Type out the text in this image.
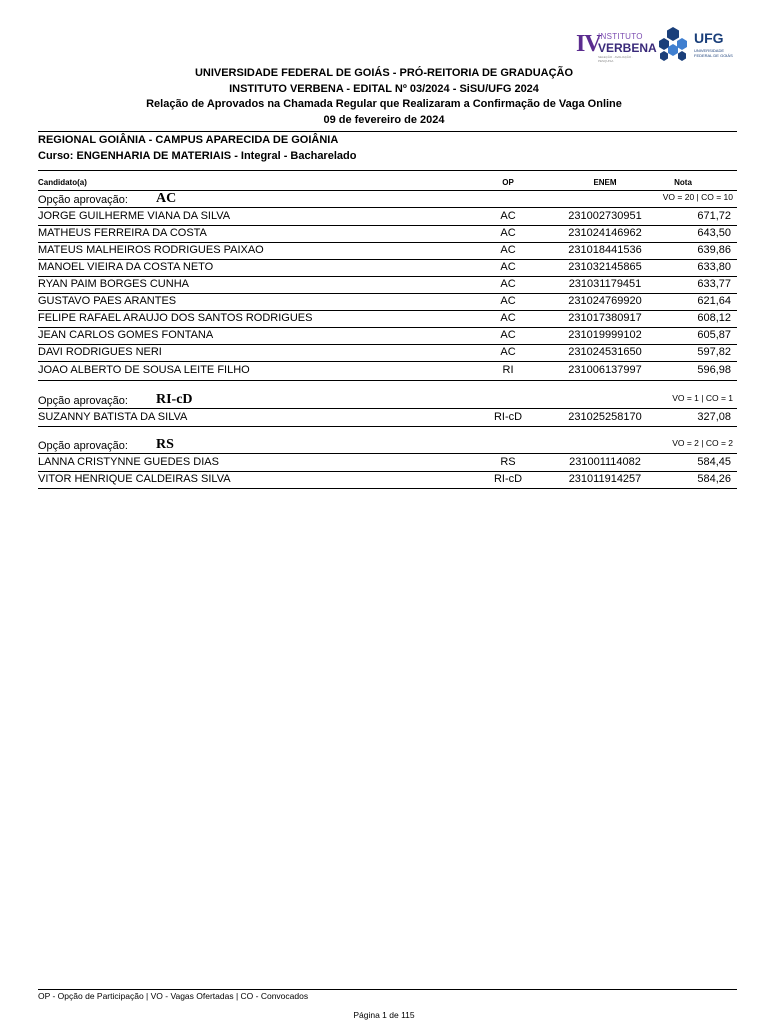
IV
INSTITUTO
VERBENA
SELEÇÃO · AVALIAÇÃO · PESQUISA
UFG
UNIVERSIDADE FEDERAL DE GOIÁS
UNIVERSIDADE FEDERAL DE GOIÁS - PRÓ-REITORIA DE GRADUAÇÃO
INSTITUTO VERBENA - EDITAL Nº 03/2024 - SiSU/UFG 2024
Relação de Aprovados na Chamada Regular que Realizaram a Confirmação de Vaga Online
09 de fevereiro de 2024
REGIONAL GOIÂNIA - CAMPUS APARECIDA DE GOIÂNIA
Curso: ENGENHARIA DE MATERIAIS - Integral - Bacharelado
Candidato(a)	OP	ENEM	Nota
Opção aprovação: AC	VO = 20 | CO = 10
JORGE GUILHERME VIANA DA SILVA	AC	231002730951	671,72
MATHEUS FERREIRA DA COSTA	AC	231024146962	643,50
MATEUS MALHEIROS RODRIGUES PAIXAO	AC	231018441536	639,86
MANOEL VIEIRA DA COSTA NETO	AC	231032145865	633,80
RYAN PAIM BORGES CUNHA	AC	231031179451	633,77
GUSTAVO PAES ARANTES	AC	231024769920	621,64
FELIPE RAFAEL ARAUJO DOS SANTOS RODRIGUES	AC	231017380917	608,12
JEAN CARLOS GOMES FONTANA	AC	231019999102	605,87
DAVI RODRIGUES NERI	AC	231024531650	597,82
JOAO ALBERTO DE SOUSA LEITE FILHO	RI	231006137997	596,98
Opção aprovação: RI-cD	VO = 1 | CO = 1
SUZANNY BATISTA DA SILVA	RI-cD	231025258170	327,08
Opção aprovação: RS	VO = 2 | CO = 2
LANNA CRISTYNNE GUEDES DIAS	RS	231001114082	584,45
VITOR HENRIQUE CALDEIRAS SILVA	RI-cD	231011914257	584,26
OP - Opção de Participação | VO - Vagas Ofertadas | CO - Convocados
Página 1 de 115
